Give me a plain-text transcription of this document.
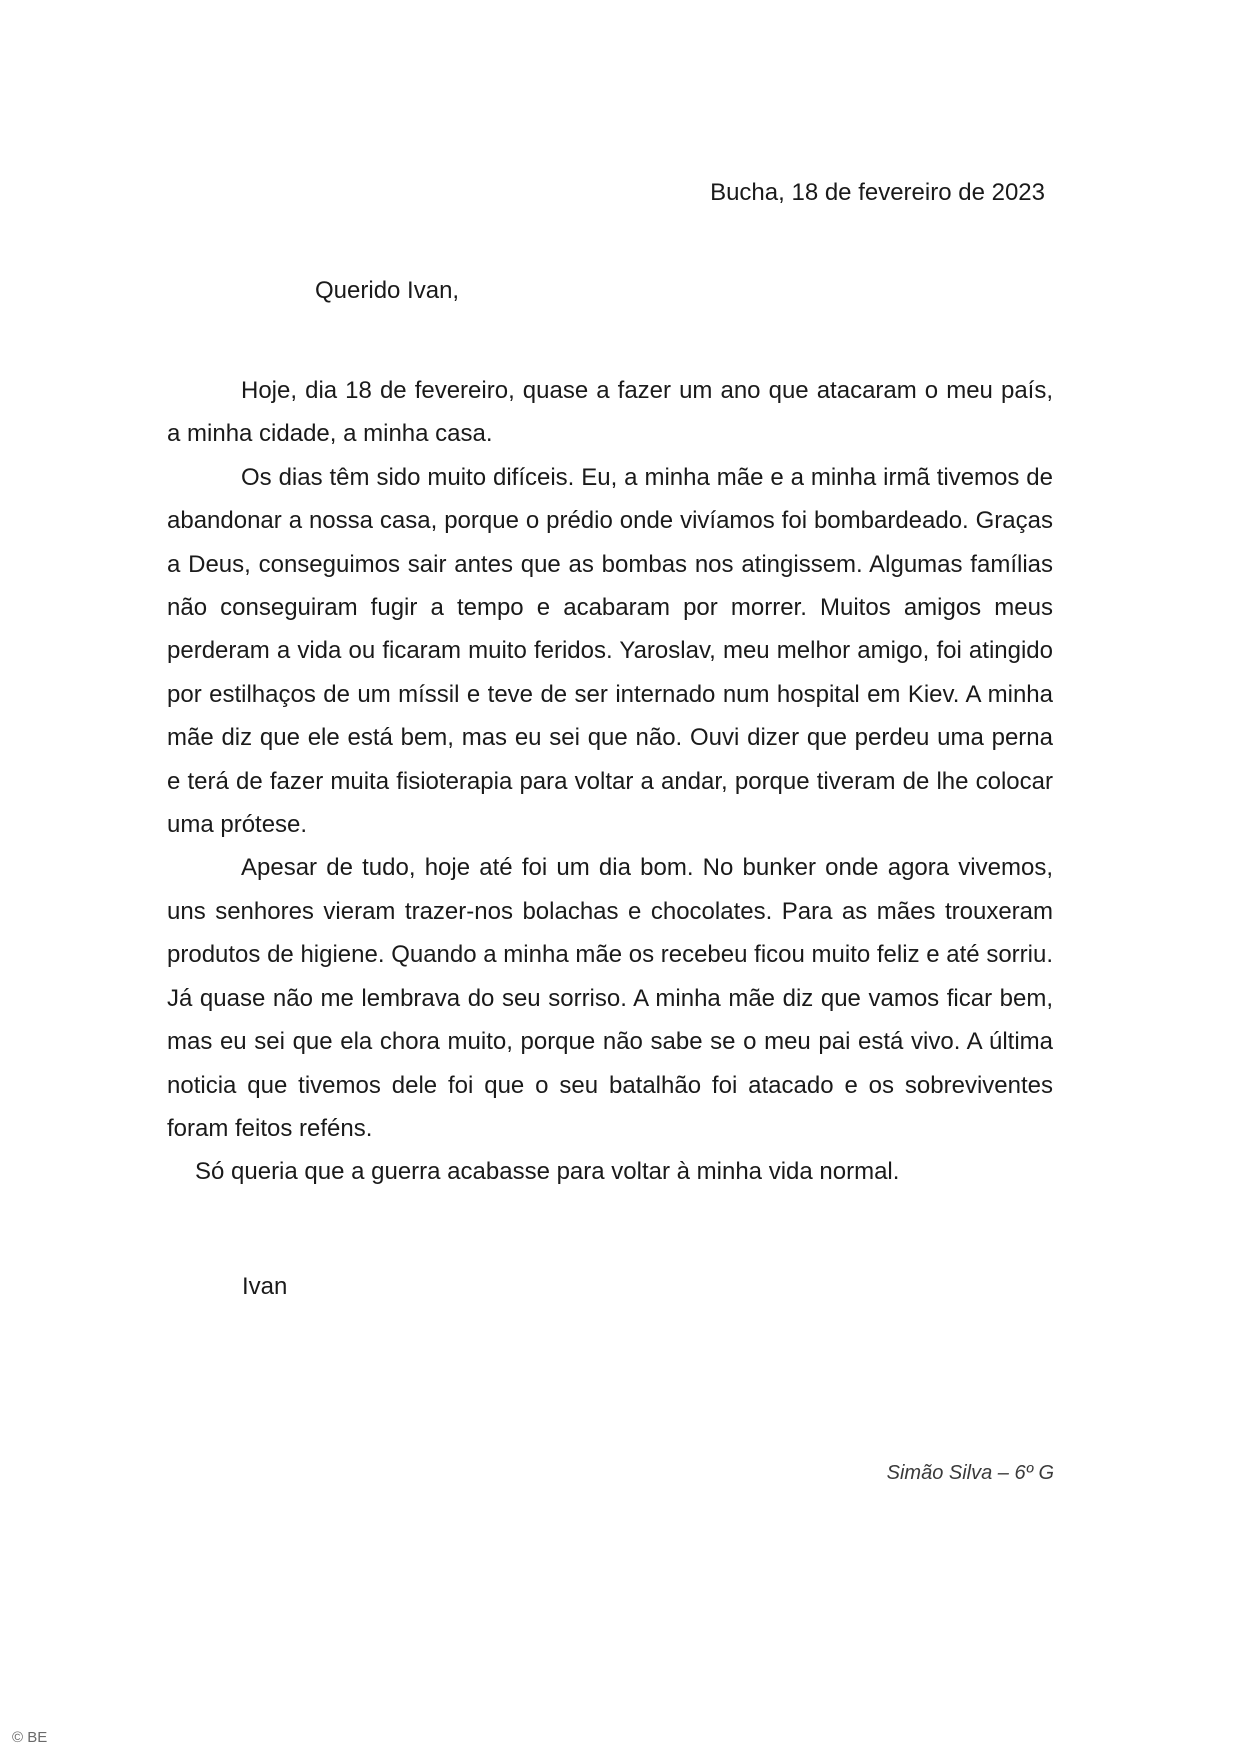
Bucha, 18 de fevereiro de 2023
Querido Ivan,

Hoje, dia 18 de fevereiro, quase a fazer um ano que atacaram o meu país, a minha cidade, a minha casa.

Os dias têm sido muito difíceis. Eu, a minha mãe e a minha irmã tivemos de abandonar a nossa casa, porque o prédio onde vivíamos foi bombardeado. Graças a Deus, conseguimos sair antes que as bombas nos atingissem. Algumas famílias não conseguiram fugir a tempo e acabaram por morrer. Muitos amigos meus perderam a vida ou ficaram muito feridos. Yaroslav, meu melhor amigo, foi atingido por estilhaços de um míssil e teve de ser internado num hospital em Kiev. A minha mãe diz que ele está bem, mas eu sei que não. Ouvi dizer que perdeu uma perna e terá de fazer muita fisioterapia para voltar a andar, porque tiveram de lhe colocar uma prótese.

Apesar de tudo, hoje até foi um dia bom. No bunker onde agora vivemos, uns senhores vieram trazer-nos bolachas e chocolates. Para as mães trouxeram produtos de higiene. Quando a minha mãe os recebeu ficou muito feliz e até sorriu. Já quase não me lembrava do seu sorriso. A minha mãe diz que vamos ficar bem, mas eu sei que ela chora muito, porque não sabe se o meu pai está vivo. A última noticia que tivemos dele foi que o seu batalhão foi atacado e os sobreviventes foram feitos reféns.

Só queria que a guerra acabasse para voltar à minha vida normal.

Ivan
Simão Silva – 6º G
© BE
